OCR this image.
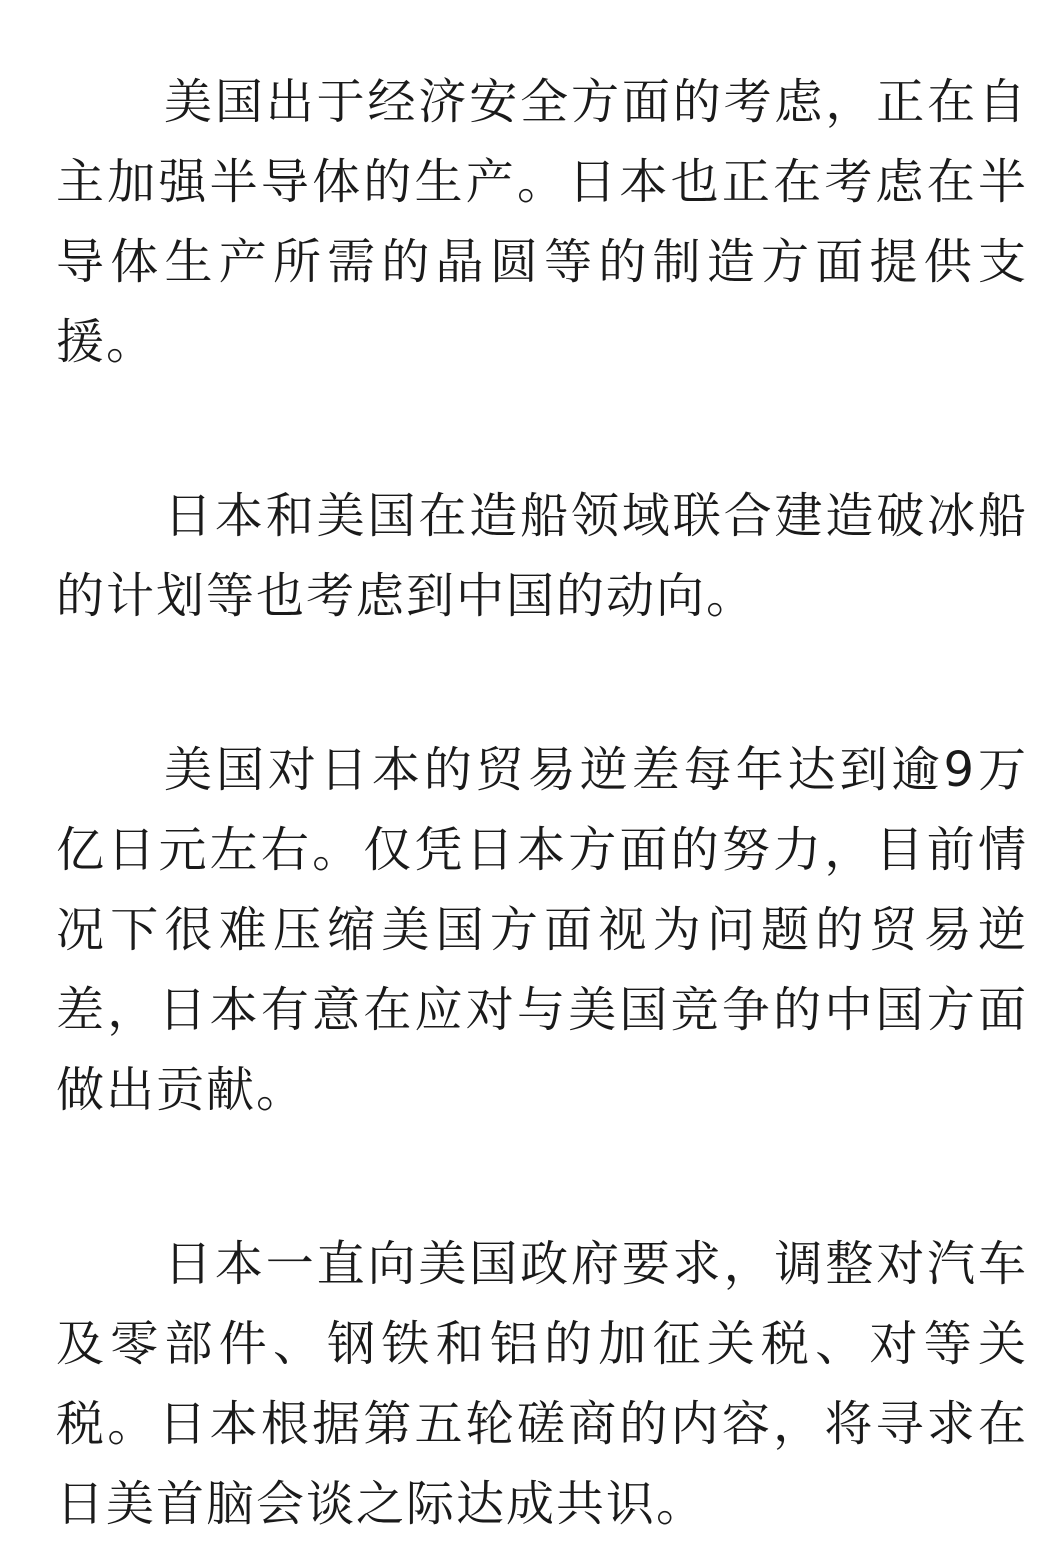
美国出于经济安全方面的考虑，正在自主加强半导体的生产。日本也正在考虑在半导体生产所需的晶圆等的制造方面提供支援。

日本和美国在造船领域联合建造破冰船的计划等也考虑到中国的动向。

美国对日本的贸易逆差每年达到逾9万亿日元左右。仅凭日本方面的努力，目前情况下很难压缩美国方面视为问题的贸易逆差，日本有意在应对与美国竞争的中国方面做出贡献。

日本一直向美国政府要求，调整对汽车及零部件、钢铁和铝的加征关税、对等关税。日本根据第五轮磋商的内容，将寻求在日美首脑会谈之际达成共识。
